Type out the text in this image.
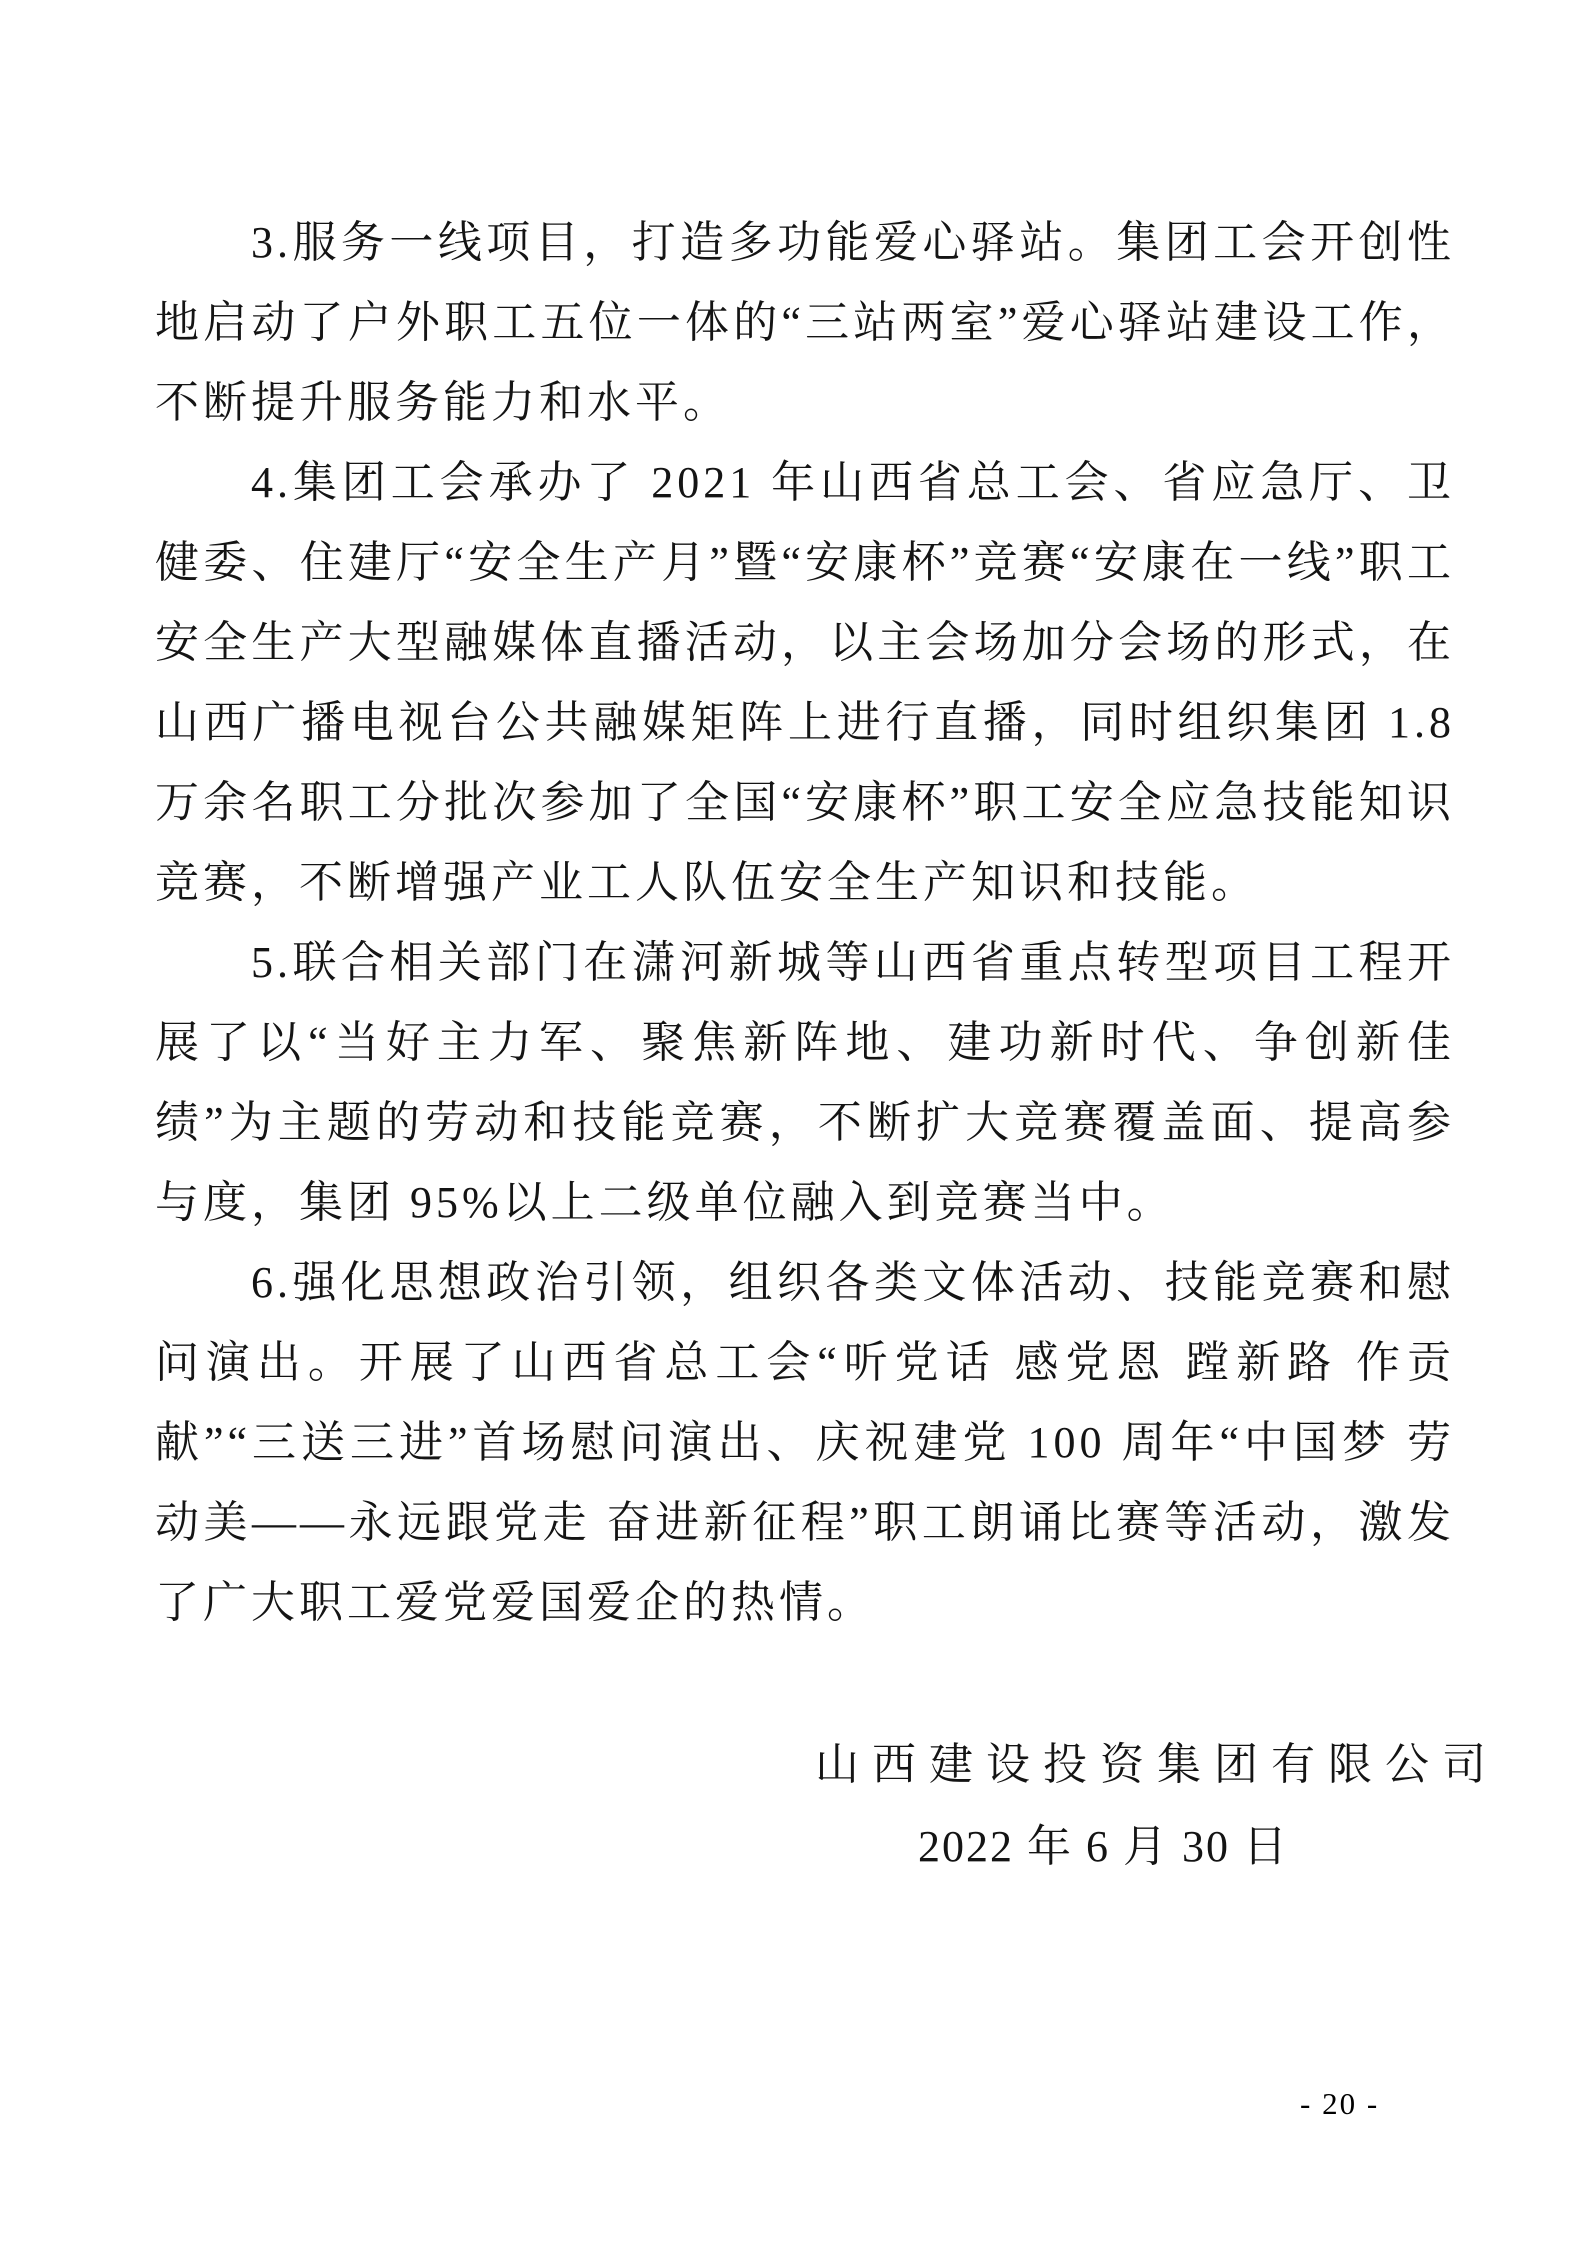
3.服务一线项目，打造多功能爱心驿站。集团工会开创性地启动了户外职工五位一体的“三站两室”爱心驿站建设工作，不断提升服务能力和水平。

4.集团工会承办了 2021 年山西省总工会、省应急厅、卫健委、住建厅“安全生产月”暨“安康杯”竞赛“安康在一线”职工安全生产大型融媒体直播活动，以主会场加分会场的形式，在山西广播电视台公共融媒矩阵上进行直播，同时组织集团 1.8 万余名职工分批次参加了全国“安康杯”职工安全应急技能知识竞赛，不断增强产业工人队伍安全生产知识和技能。

5.联合相关部门在潇河新城等山西省重点转型项目工程开展了以“当好主力军、聚焦新阵地、建功新时代、争创新佳绩”为主题的劳动和技能竞赛，不断扩大竞赛覆盖面、提高参与度，集团 95%以上二级单位融入到竞赛当中。

6.强化思想政治引领，组织各类文体活动、技能竞赛和慰问演出。开展了山西省总工会“听党话 感党恩 蹚新路 作贡献”“三送三进”首场慰问演出、庆祝建党 100 周年“中国梦 劳动美——永远跟党走 奋进新征程”职工朗诵比赛等活动，激发了广大职工爱党爱国爱企的热情。

山西建设投资集团有限公司
2022 年 6 月 30 日
- 20 -
